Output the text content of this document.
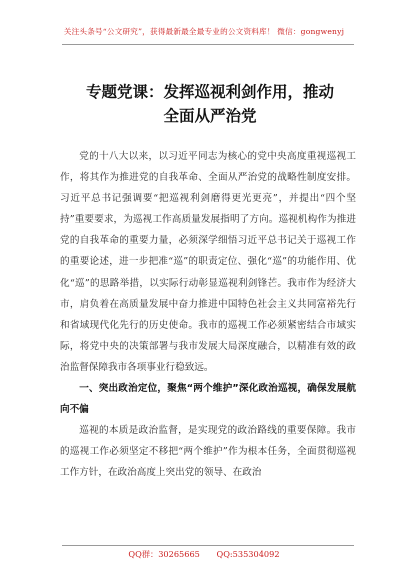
关注头条号“公文研究”，获得最新最全最专业的公文资料库！ 微信：gongwenyj
专题党课：发挥巡视利剑作用，推动
全面从严治党

党的十八大以来，以习近平同志为核心的党中央高度重视巡视工作，将其作为推进党的自我革命、全面从严治党的战略性制度安排。习近平总书记强调要“把巡视利剑磨得更光更亮”，并提出“四个坚持”重要要求，为巡视工作高质量发展指明了方向。巡视机构作为推进党的自我革命的重要力量，必须深学细悟习近平总书记关于巡视工作的重要论述，进一步把准“巡”的职责定位、强化“巡”的功能作用、优化“巡”的思路举措，以实际行动彰显巡视利剑锋芒。我市作为经济大市，肩负着在高质量发展中奋力推进中国特色社会主义共同富裕先行和省域现代化先行的历史使命。我市的巡视工作必须紧密结合市域实际，将党中央的决策部署与我市发展大局深度融合，以精准有效的政治监督保障我市各项事业行稳致远。

一、突出政治定位，聚焦“两个维护”深化政治巡视，确保发展航向不偏

巡视的本质是政治监督，是实现党的政治路线的重要保障。我市的巡视工作必须坚定不移把“两个维护”作为根本任务，全面贯彻巡视工作方针，在政治高度上突出党的领导、在政治

QQ群：30265665 QQ:535304092
